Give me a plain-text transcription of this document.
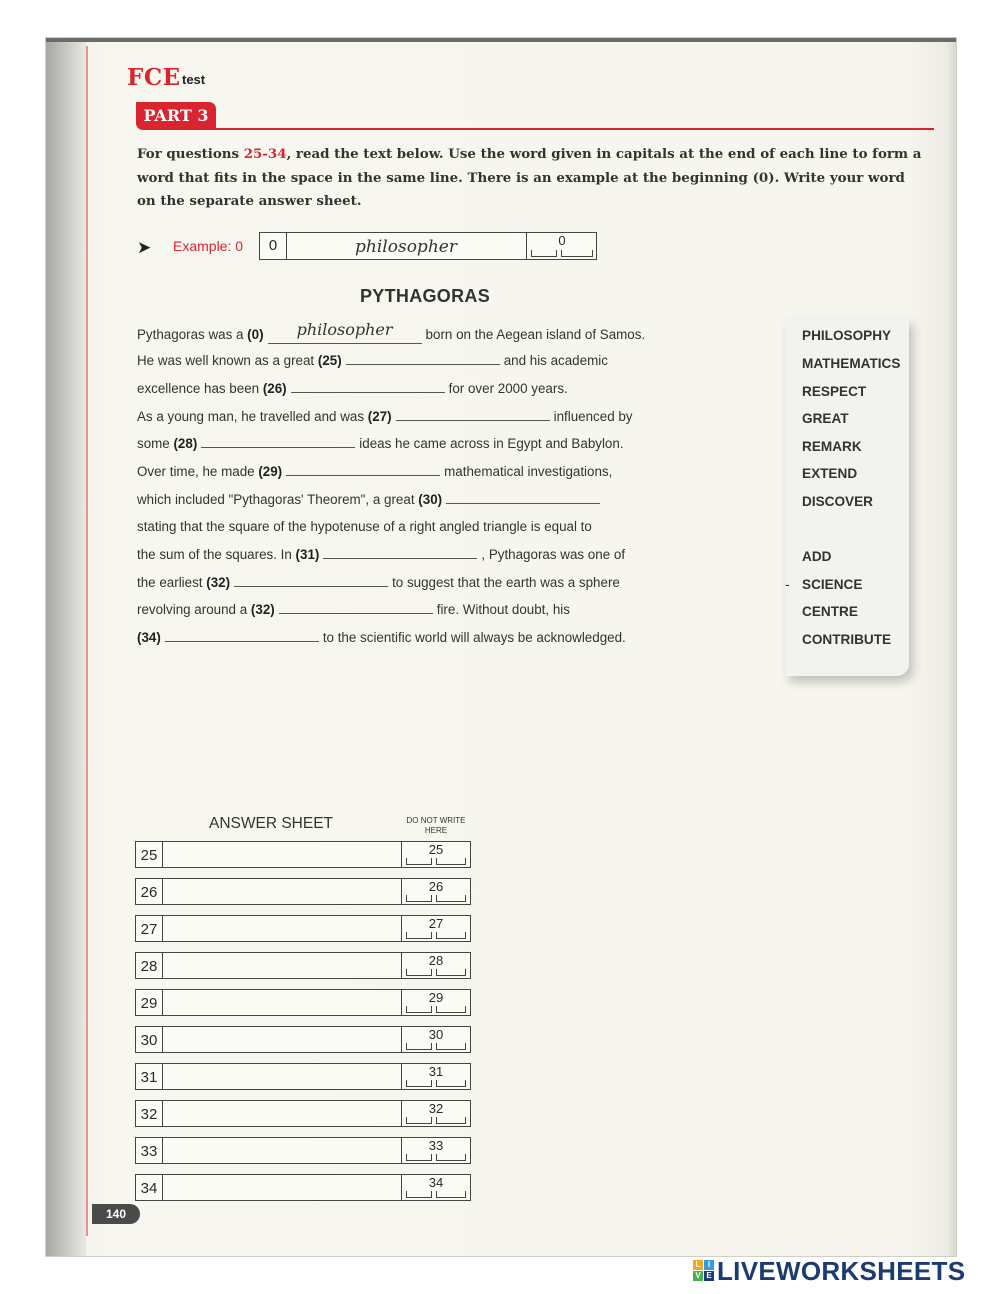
FCE test
PART 3
For questions 25-34, read the text below. Use the word given in capitals at the end of each line to form a word that fits in the space in the same line. There is an example at the beginning (0). Write your word on the separate answer sheet.
➤ Example: 0	0	philosopher	0
PYTHAGORAS
Pythagoras was a (0) philosopher born on the Aegean island of Samos.
He was well known as a great (25)	and his academic
excellence has been (26)	for over 2000 years.
As a young man, he travelled and was (27)	influenced by
some (28)	ideas he came across in Egypt and Babylon.
Over time, he made (29)	mathematical investigations,
which included "Pythagoras' Theorem", a great (30)
stating that the square of the hypotenuse of a right angled triangle is equal to
the sum of the squares. In (31)	, Pythagoras was one of
the earliest (32)	to suggest that the earth was a sphere
revolving around a (32)	fire. Without doubt, his
(34)	to the scientific world will always be acknowledged.
-
PHILOSOPHY
MATHEMATICS
RESPECT
GREAT
REMARK
EXTEND
DISCOVER
ADD
SCIENCE
CENTRE
CONTRIBUTE
ANSWER SHEET	DO NOT WRITE HERE
25	25
26	26
27	27
28	28
29	29
30	30
31	31
32	32
33	33
34	34
140
L I
V E LIVEWORKSHEETS
